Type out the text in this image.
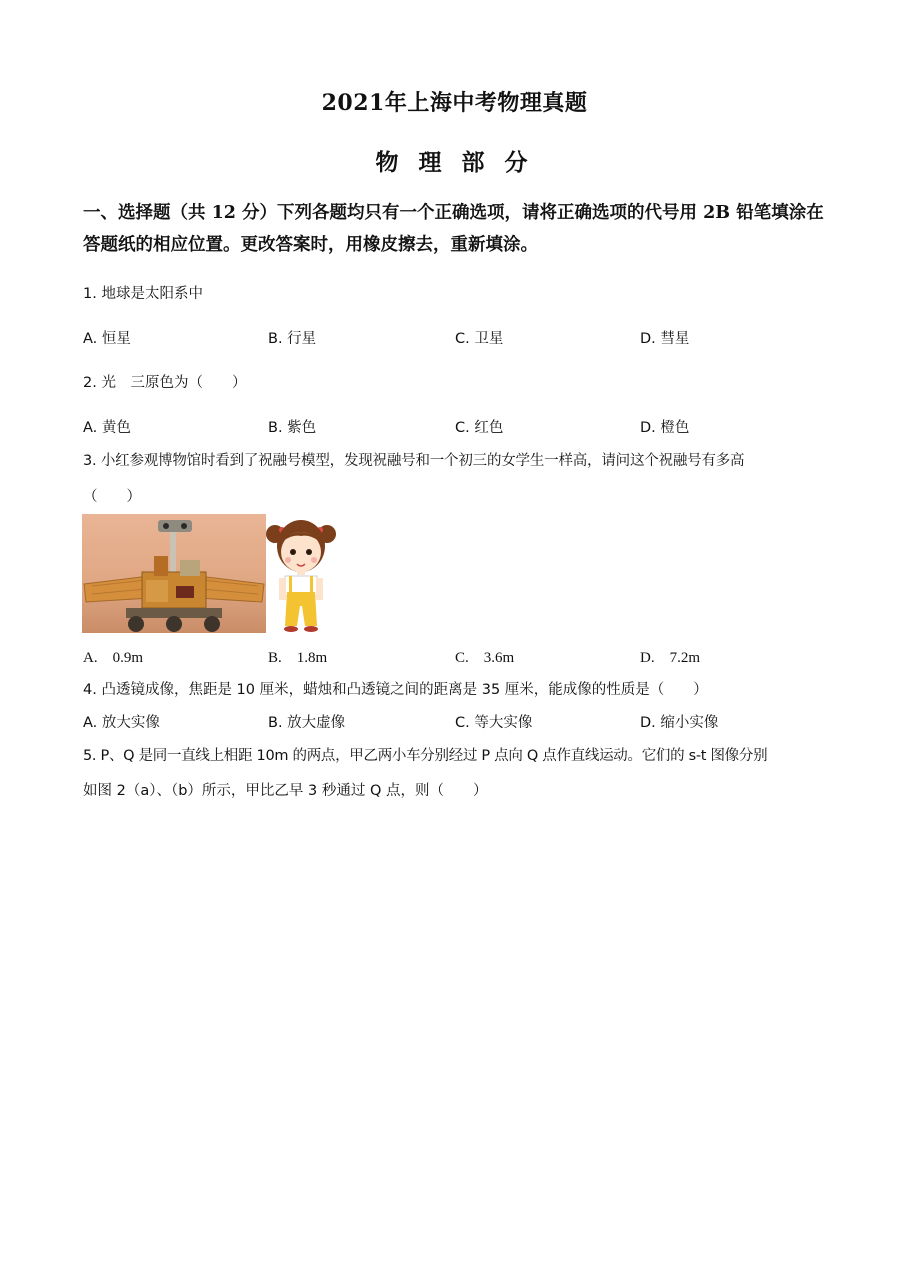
2021年上海中考物理真题
物 理 部 分
一、选择题（共 12 分）下列各题均只有一个正确选项，请将正确选项的代号用 2B 铅笔填涂在答题纸的相应位置。更改答案时，用橡皮擦去，重新填涂。
1. 地球是太阳系中
A. 恒星	B. 行星	C. 卫星	D. 彗星
2. 光　三原色为（　　）
A. 黄色	B. 紫色	C. 红色	D. 橙色
3. 小红参观博物馆时看到了祝融号模型，发现祝融号和一个初三的女学生一样高，请问这个祝融号有多高
（　　）
A.　0.9m	B.　1.8m	C.　3.6m	D.　7.2m
4. 凸透镜成像，焦距是 10 厘米，蜡烛和凸透镜之间的距离是 35 厘米，能成像的性质是（　　）
A. 放大实像	B. 放大虚像	C. 等大实像	D. 缩小实像
5. P、Q 是同一直线上相距 10m 的两点，甲乙两小车分别经过 P 点向 Q 点作直线运动。它们的 s-t 图像分别
如图 2（a）、（b）所示，甲比乙早 3 秒通过 Q 点，则（　　）
